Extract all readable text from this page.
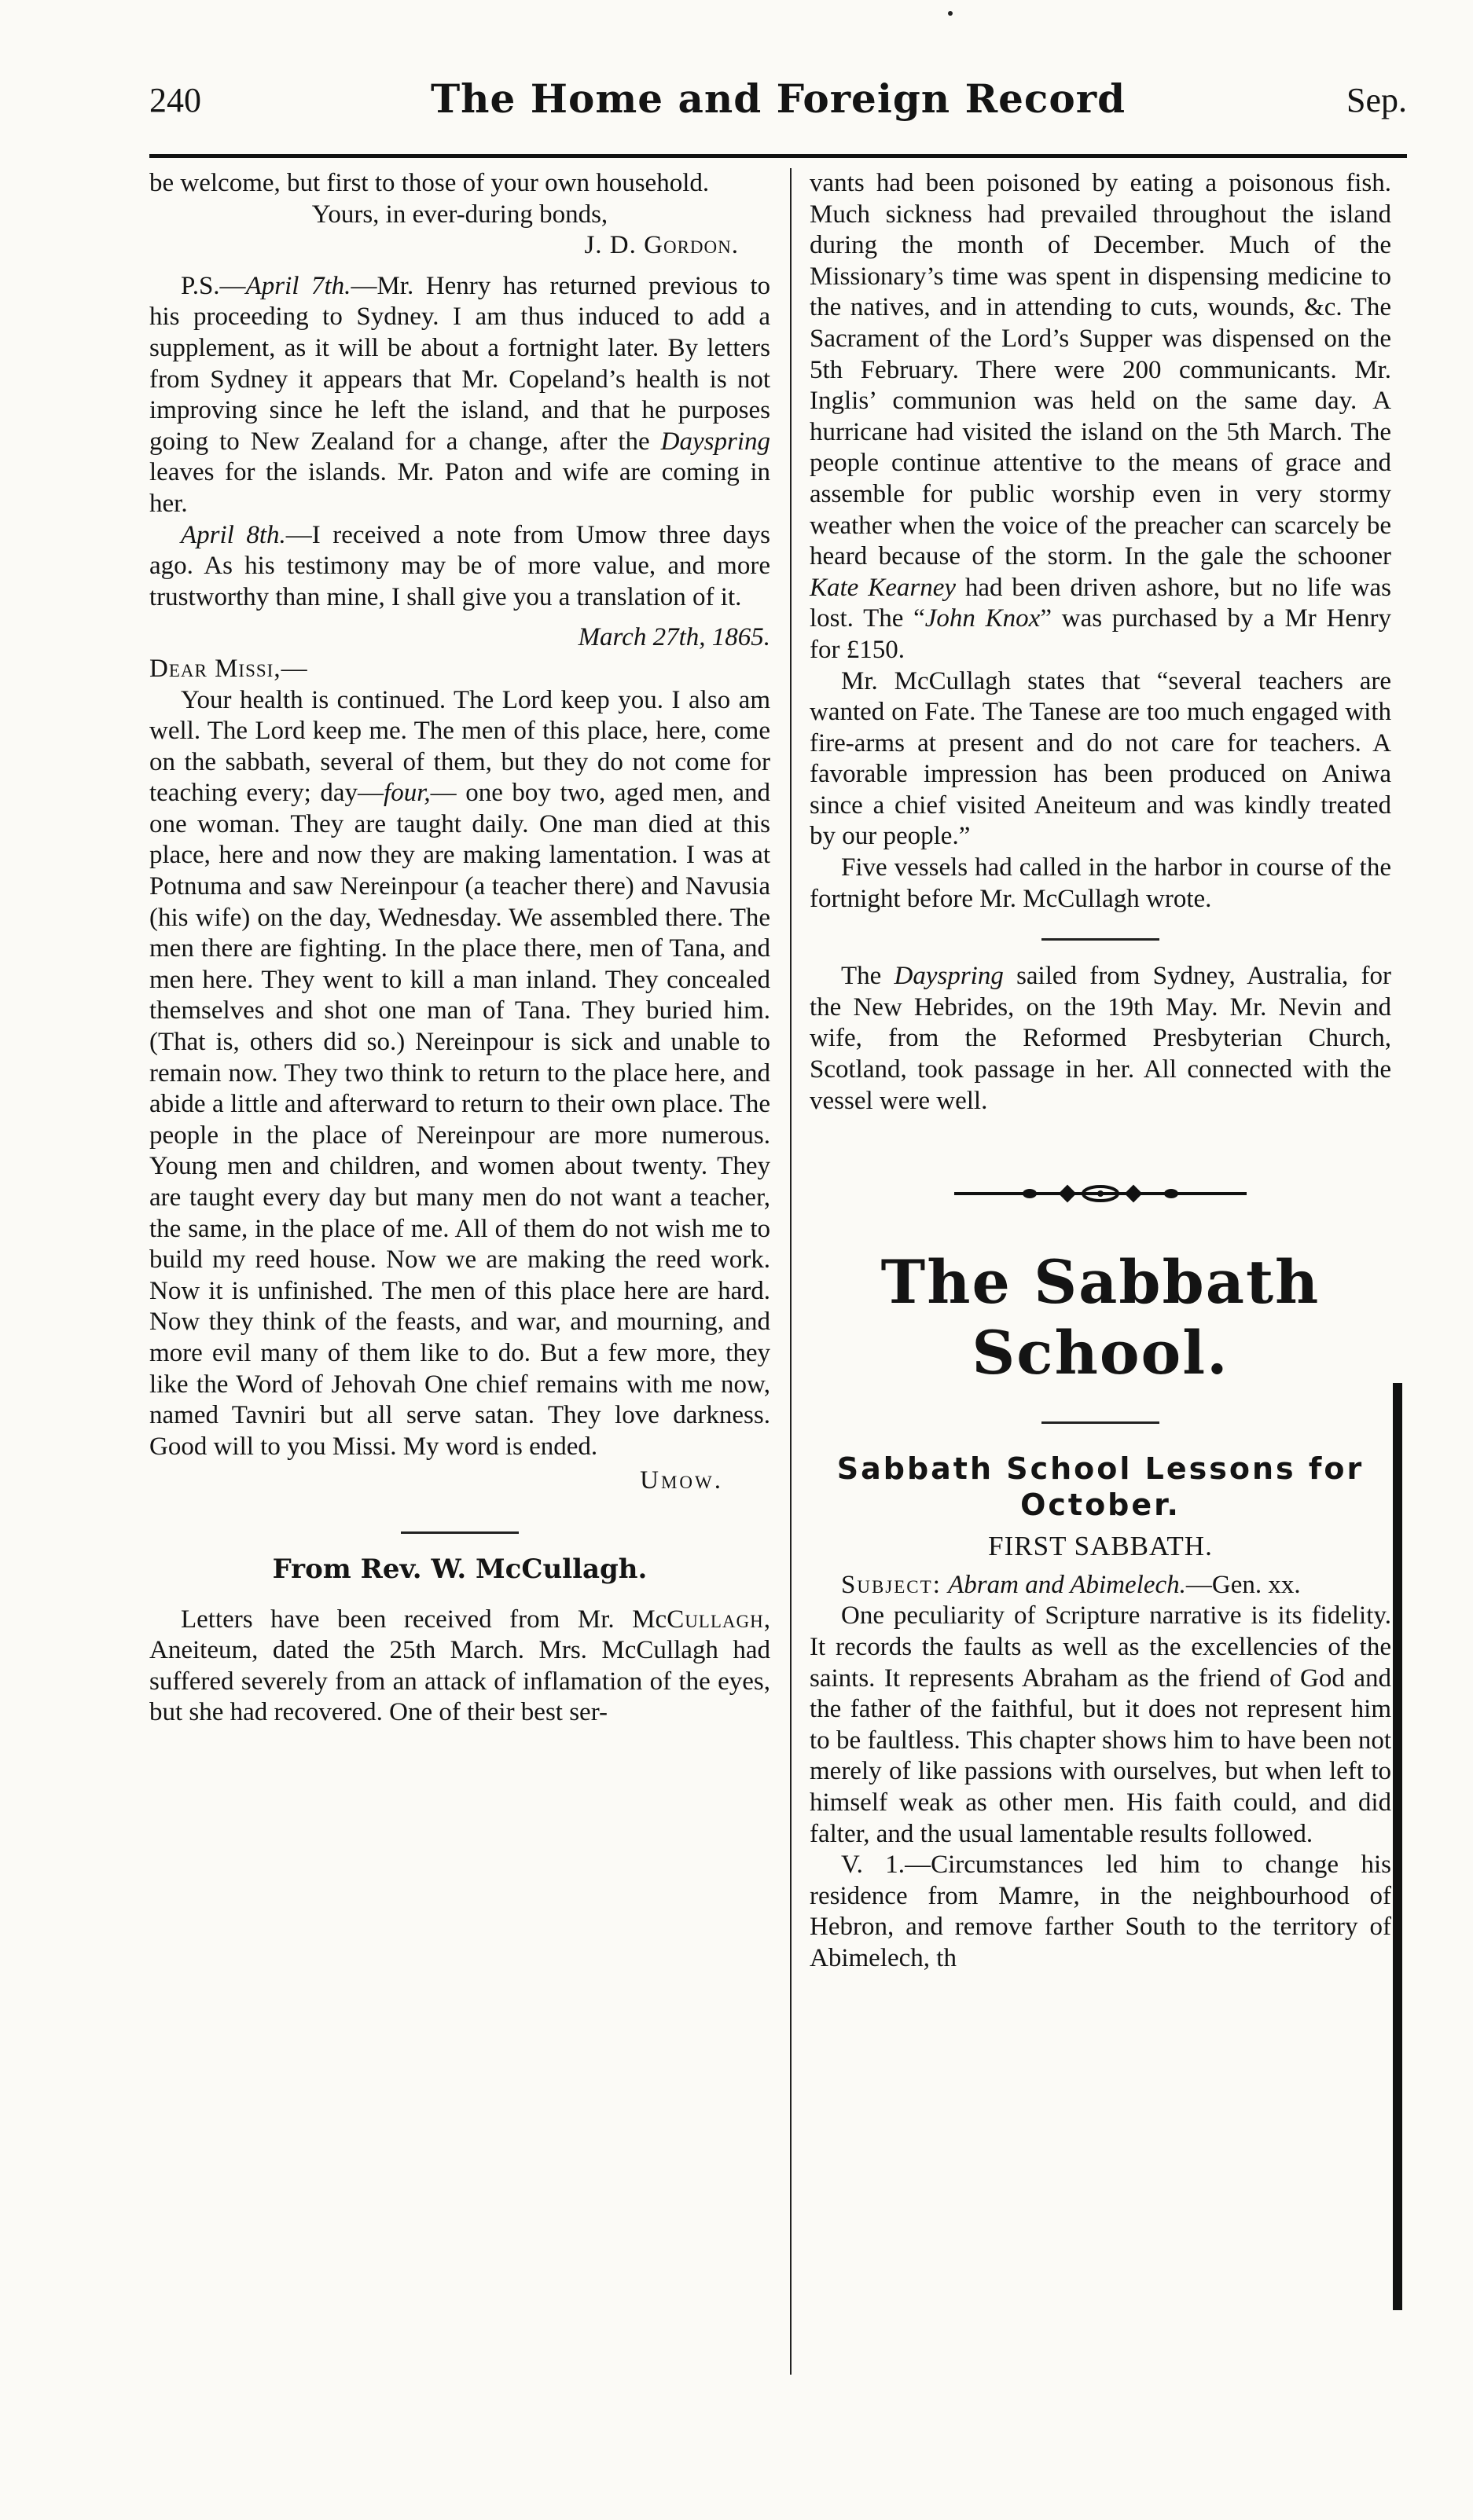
240	The Home and Foreign Record	Sep.

be welcome, but first to those of your own household.

Yours, in ever-during bonds,

J. D. Gordon.

P.S.—April 7th.—Mr. Henry has returned previous to his proceeding to Sydney. I am thus induced to add a supplement, as it will be about a fortnight later. By letters from Sydney it appears that Mr. Copeland’s health is not improving since he left the island, and that he purposes going to New Zealand for a change, after the Dayspring leaves for the islands. Mr. Paton and wife are coming in her.

April 8th.—I received a note from Umow three days ago. As his testimony may be of more value, and more trustworthy than mine, I shall give you a translation of it.

March 27th, 1865.

Dear Missi,—

Your health is continued. The Lord keep you. I also am well. The Lord keep me. The men of this place, here, come on the sabbath, several of them, but they do not come for teaching every; day—four,— one boy two, aged men, and one woman. They are taught daily. One man died at this place, here and now they are making lamentation. I was at Potnuma and saw Nereinpour (a teacher there) and Navusia (his wife) on the day, Wednesday. We assembled there. The men there are fighting. In the place there, men of Tana, and men here. They went to kill a man inland. They concealed themselves and shot one man of Tana. They buried him. (That is, others did so.) Nereinpour is sick and unable to remain now. They two think to return to the place here, and abide a little and afterward to return to their own place. The people in the place of Nereinpour are more numerous. Young men and children, and women about twenty. They are taught every day but many men do not want a teacher, the same, in the place of me. All of them do not wish me to build my reed house. Now we are making the reed work. Now it is unfinished. The men of this place here are hard. Now they think of the feasts, and war, and mourning, and more evil many of them like to do. But a few more, they like the Word of Jehovah One chief remains with me now, named Tavniri but all serve satan. They love darkness. Good will to you Missi. My word is ended.

Umow.

From Rev. W. McCullagh.

Letters have been received from Mr. McCullagh, Aneiteum, dated the 25th March. Mrs. McCullagh had suffered severely from an attack of inflamation of the eyes, but she had recovered. One of their best ser-

vants had been poisoned by eating a poisonous fish. Much sickness had prevailed throughout the island during the month of December. Much of the Missionary’s time was spent in dispensing medicine to the natives, and in attending to cuts, wounds, &c. The Sacrament of the Lord’s Supper was dispensed on the 5th February. There were 200 communicants. Mr. Inglis’ communion was held on the same day. A hurricane had visited the island on the 5th March. The people continue attentive to the means of grace and assemble for public worship even in very stormy weather when the voice of the preacher can scarcely be heard because of the storm. In the gale the schooner Kate Kearney had been driven ashore, but no life was lost. The “John Knox” was purchased by a Mr Henry for £150.

Mr. McCullagh states that “several teachers are wanted on Fate. The Tanese are too much engaged with fire-arms at present and do not care for teachers. A favorable impression has been produced on Aniwa since a chief visited Aneiteum and was kindly treated by our people.”

Five vessels had called in the harbor in course of the fortnight before Mr. McCullagh wrote.

The Dayspring sailed from Sydney, Australia, for the New Hebrides, on the 19th May. Mr. Nevin and wife, from the Reformed Presbyterian Church, Scotland, took passage in her. All connected with the vessel were well.

The Sabbath School.

Sabbath School Lessons for October.

FIRST SABBATH.

Subject: Abram and Abimelech.—Gen. xx.

One peculiarity of Scripture narrative is its fidelity. It records the faults as well as the excellencies of the saints. It represents Abraham as the friend of God and the father of the faithful, but it does not represent him to be faultless. This chapter shows him to have been not merely of like passions with ourselves, but when left to himself weak as other men. His faith could, and did falter, and the usual lamentable results followed.

V. 1.—Circumstances led him to change his residence from Mamre, in the neighbourhood of Hebron, and remove farther South to the territory of Abimelech, th
